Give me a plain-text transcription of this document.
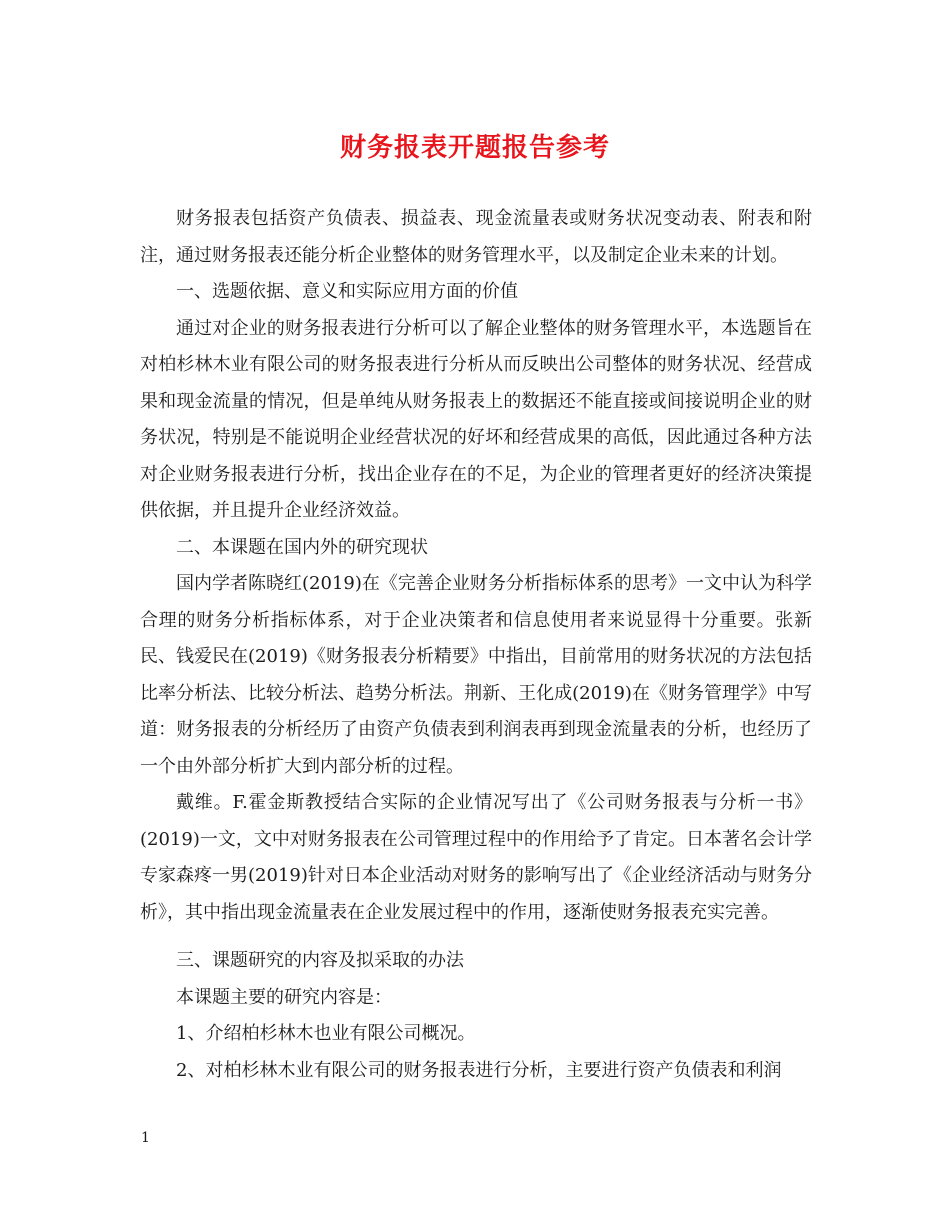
财务报表开题报告参考

财务报表包括资产负债表、损益表、现金流量表或财务状况变动表、附表和附注，通过财务报表还能分析企业整体的财务管理水平，以及制定企业未来的计划。

一、选题依据、意义和实际应用方面的价值

通过对企业的财务报表进行分析可以了解企业整体的财务管理水平，本选题旨在对柏杉林木业有限公司的财务报表进行分析从而反映出公司整体的财务状况、经营成果和现金流量的情况，但是单纯从财务报表上的数据还不能直接或间接说明企业的财务状况，特别是不能说明企业经营状况的好坏和经营成果的高低，因此通过各种方法对企业财务报表进行分析，找出企业存在的不足，为企业的管理者更好的经济决策提供依据，并且提升企业经济效益。

二、本课题在国内外的研究现状

国内学者陈晓红(2019)在《完善企业财务分析指标体系的思考》一文中认为科学合理的财务分析指标体系，对于企业决策者和信息使用者来说显得十分重要。张新民、钱爱民在(2019)《财务报表分析精要》中指出，目前常用的财务状况的方法包括比率分析法、比较分析法、趋势分析法。荆新、王化成(2019)在《财务管理学》中写道：财务报表的分析经历了由资产负债表到利润表再到现金流量表的分析，也经历了一个由外部分析扩大到内部分析的过程。

戴维。F.霍金斯教授结合实际的企业情况写出了《公司财务报表与分析一书》(2019)一文，文中对财务报表在公司管理过程中的作用给予了肯定。日本著名会计学专家森疼一男(2019)针对日本企业活动对财务的影响写出了《企业经济活动与财务分析》，其中指出现金流量表在企业发展过程中的作用，逐渐使财务报表充实完善。

三、课题研究的内容及拟采取的办法

本课题主要的研究内容是：

1、介绍柏杉林木也业有限公司概况。

2、对柏杉林木业有限公司的财务报表进行分析，主要进行资产负债表和利润

1
